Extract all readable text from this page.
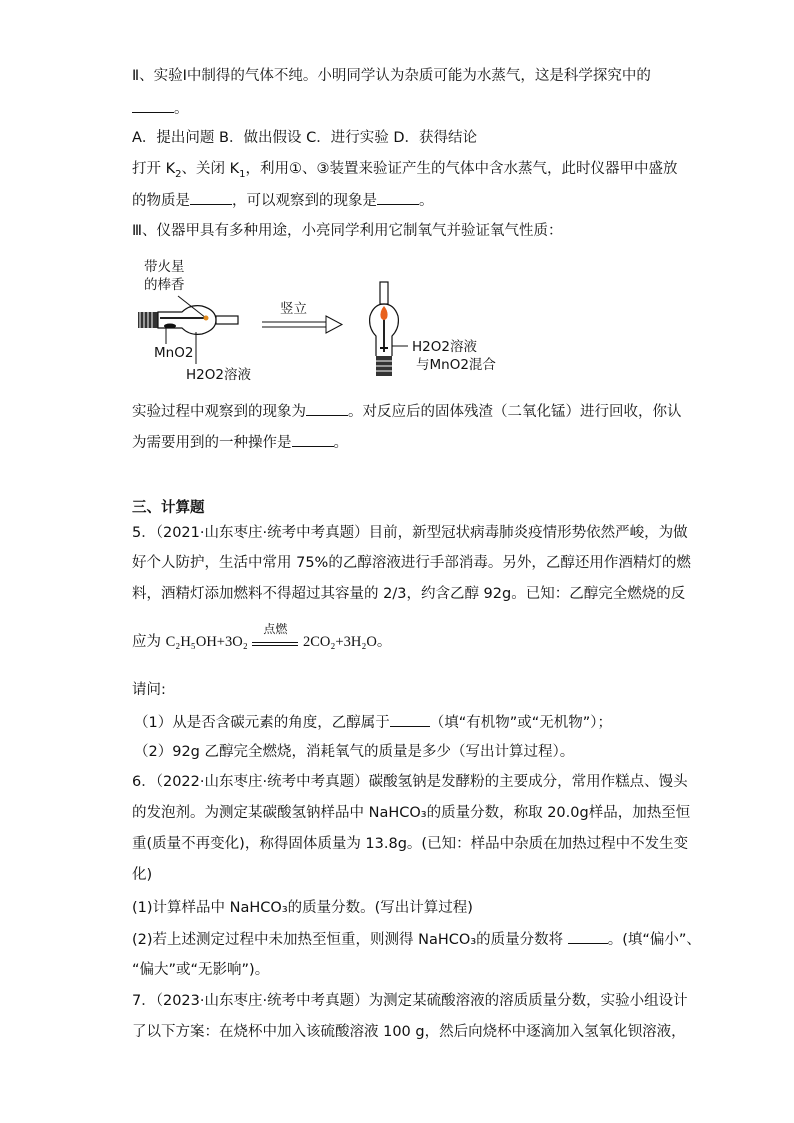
Ⅱ、实验Ⅰ中制得的气体不纯。小明同学认为杂质可能为水蒸气，这是科学探究中的
。
A．提出问题 B．做出假设 C．进行实验 D．获得结论
打开 $K_2$、关闭 $K_1$，利用①、③装置来验证产生的气体中含水蒸气，此时仪器甲中盛放
的物质是	，可以观察到的现象是	。
Ⅲ、仪器甲具有多种用途，小亮同学利用它制氧气并验证氧气性质：
带火星
的棒香
MnO2
H2O2溶液
竖立
H2O2溶液
与MnO2混合
实验过程中观察到的现象为	。对反应后的固体残渣（二氧化锰）进行回收，你认
为需要用到的一种操作是	。
三、计算题
5．（2021·山东枣庄·统考中考真题）目前，新型冠状病毒肺炎疫情形势依然严峻，为做
好个人防护，生活中常用 75%的乙醇溶液进行手部消毒。另外，乙醇还用作酒精灯的燃
料，酒精灯添加燃料不得超过其容量的 2/3，约含乙醇 92g。已知：乙醇完全燃烧的反
应为 C₂H₅OH+3O₂
点燃
2CO₂+3H₂O。
请问:
（1）从是否含碳元素的角度，乙醇属于	（填“有机物”或“无机物”）；
（2）92g 乙醇完全燃烧，消耗氧气的质量是多少（写出计算过程）。
6．（2022·山东枣庄·统考中考真题）碳酸氢钠是发酵粉的主要成分，常用作糕点、馒头
的发泡剂。为测定某碳酸氢钠样品中 NaHCO₃的质量分数，称取 20.0g样品，加热至恒
重(质量不再变化)，称得固体质量为 13.8g。(已知：样品中杂质在加热过程中不发生变
化)
(1)计算样品中 NaHCO₃的质量分数。(写出计算过程)
(2)若上述测定过程中未加热至恒重，则测得 NaHCO₃的质量分数将	。(填“偏小”、
“偏大”或“无影响”)。
7．（2023·山东枣庄·统考中考真题）为测定某硫酸溶液的溶质质量分数，实验小组设计
了以下方案：在烧杯中加入该硫酸溶液 100 g，然后向烧杯中逐滴加入氢氧化钡溶液，
